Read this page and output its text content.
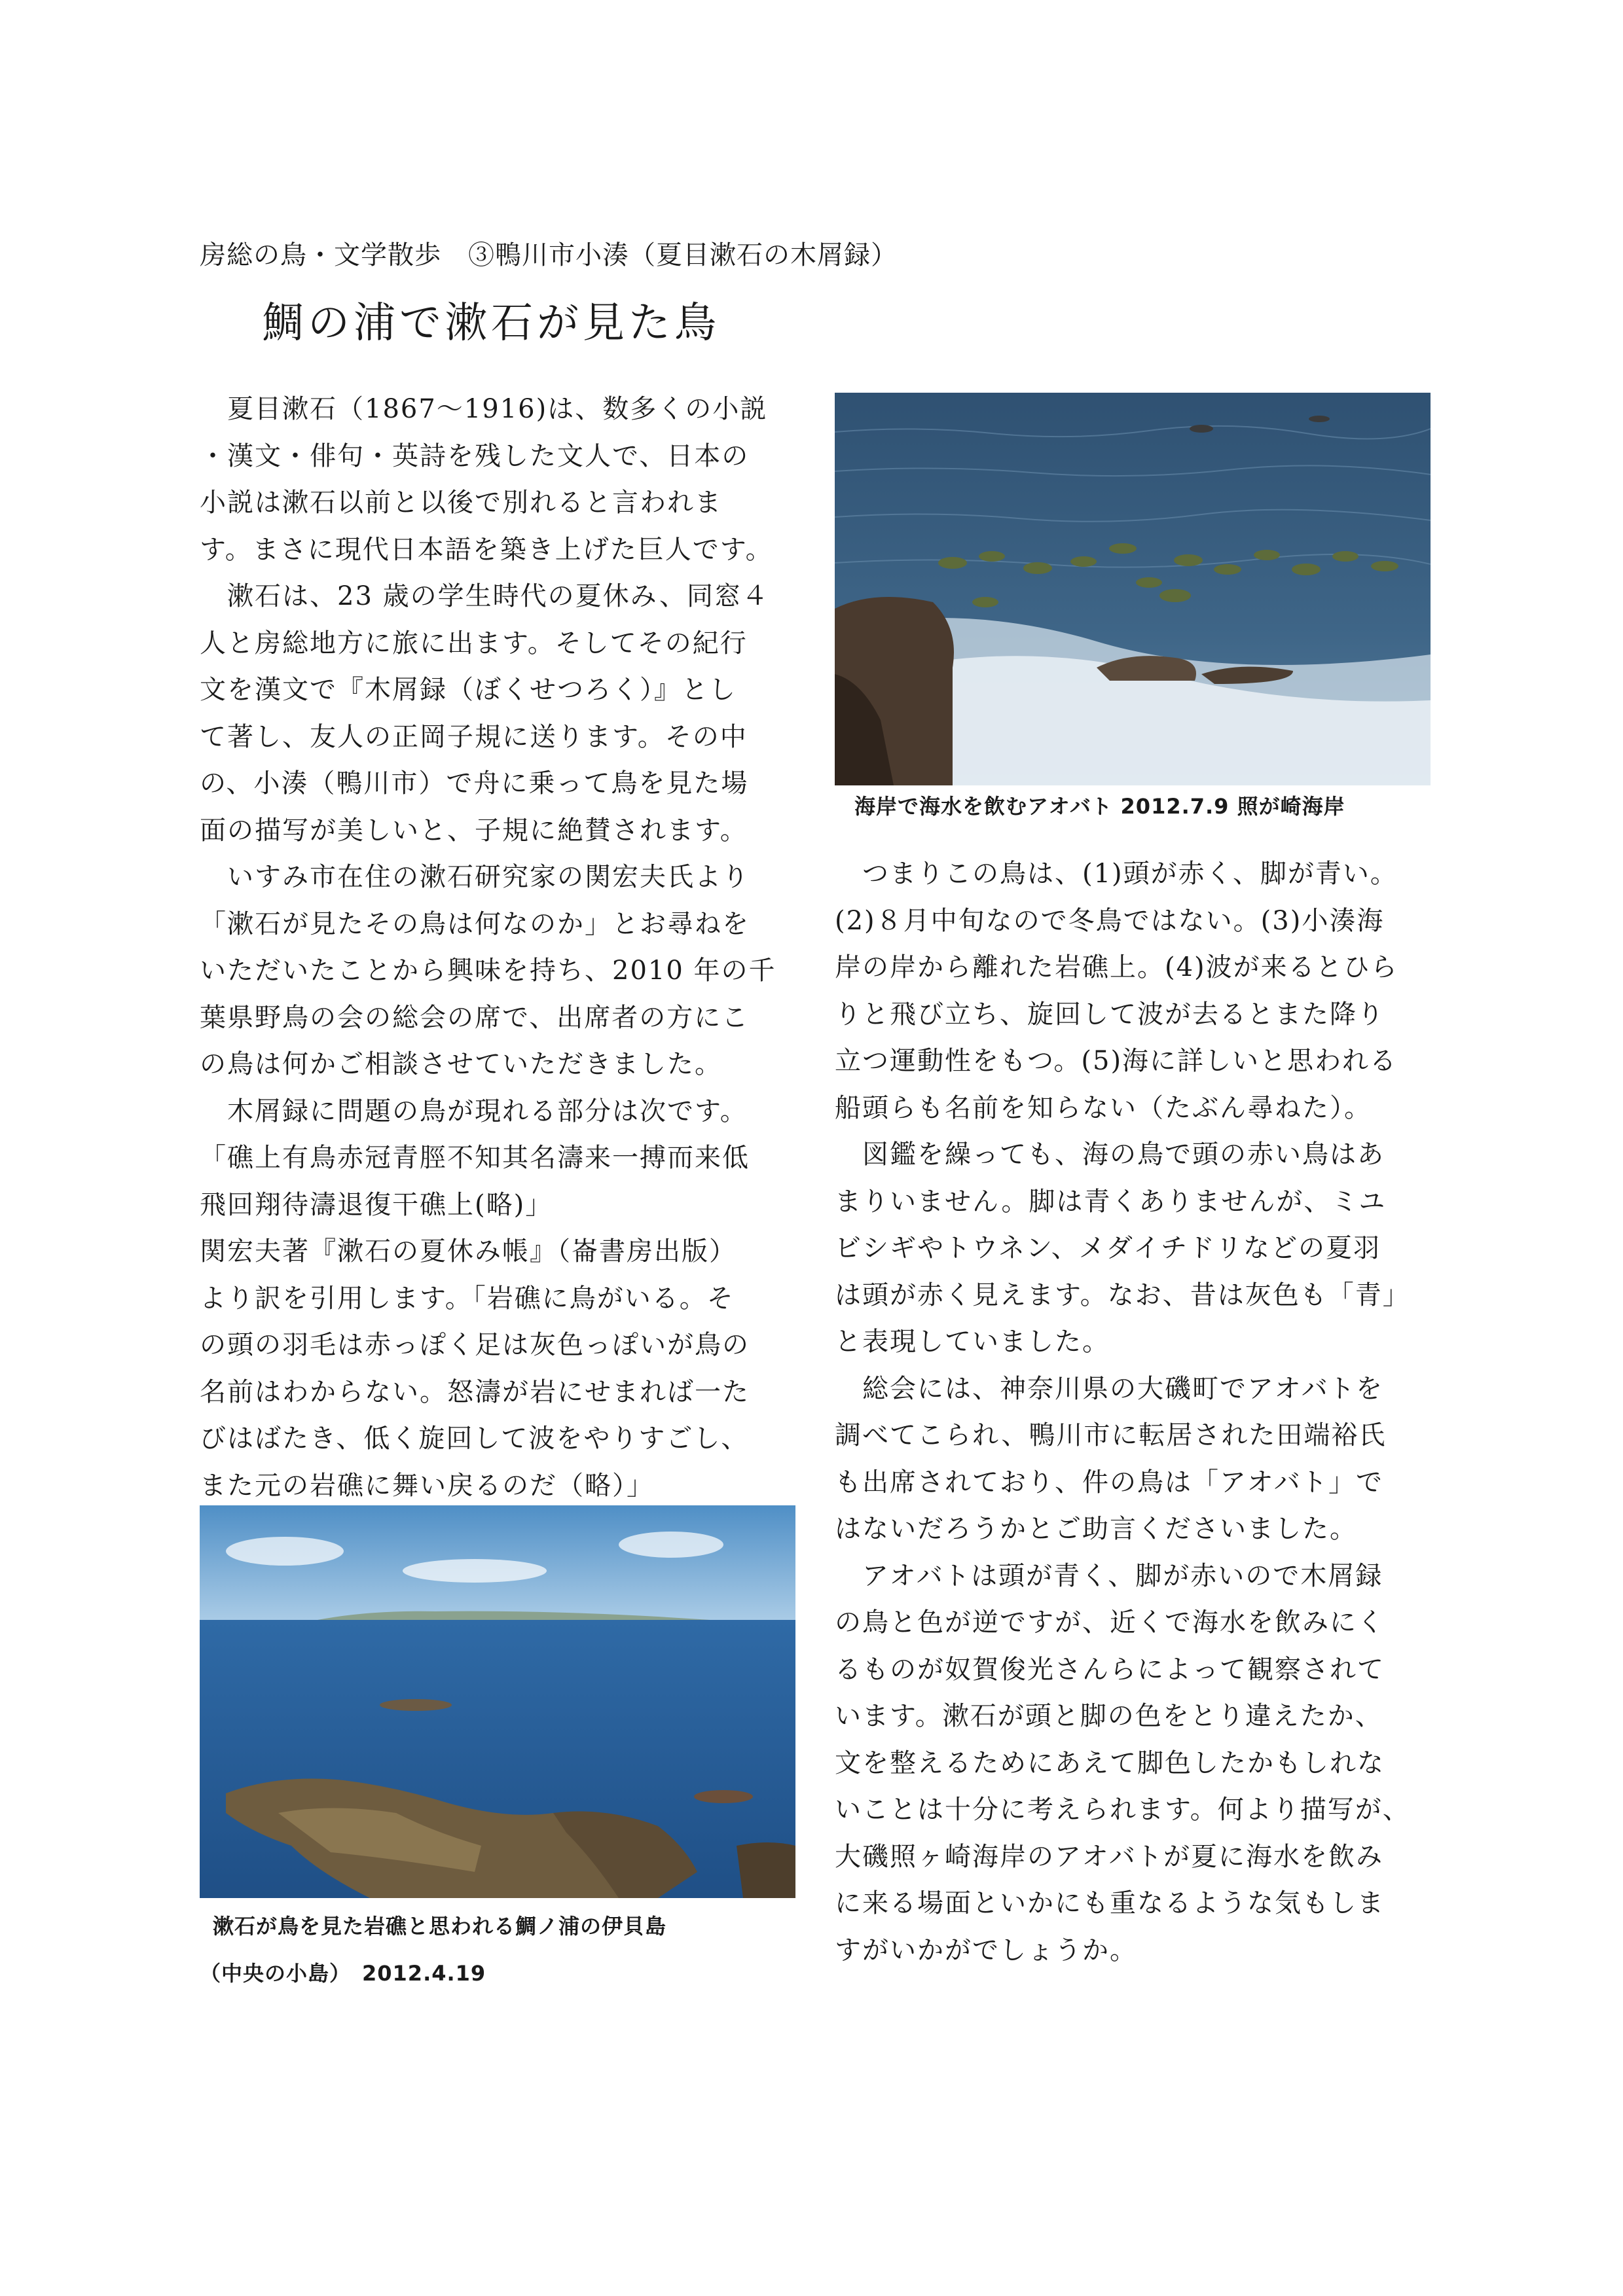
房総の鳥・文学散歩　③鴨川市小湊（夏目漱石の木屑録）
鯛の浦で漱石が見た鳥
　夏目漱石（1867～1916)は、数多くの小説
・漢文・俳句・英詩を残した文人で、日本の
小説は漱石以前と以後で別れると言われま
す。まさに現代日本語を築き上げた巨人です。
　漱石は、23 歳の学生時代の夏休み、同窓４
人と房総地方に旅に出ます。そしてその紀行
文を漢文で『木屑録（ぼくせつろく）』とし
て著し、友人の正岡子規に送ります。その中
の、小湊（鴨川市）で舟に乗って鳥を見た場
面の描写が美しいと、子規に絶賛されます。
　いすみ市在住の漱石研究家の関宏夫氏より
「漱石が見たその鳥は何なのか」とお尋ねを
いただいたことから興味を持ち、2010 年の千
葉県野鳥の会の総会の席で、出席者の方にこ
の鳥は何かご相談させていただきました。
　木屑録に問題の鳥が現れる部分は次です。
「礁上有鳥赤冠青脛不知其名濤来一搏而来低
飛回翔待濤退復干礁上(略)」
関宏夫著『漱石の夏休み帳』（崙書房出版）
より訳を引用します。「岩礁に鳥がいる。そ
の頭の羽毛は赤っぽく足は灰色っぽいが鳥の
名前はわからない。怒濤が岩にせまれば一た
びはばたき、低く旋回して波をやりすごし、
また元の岩礁に舞い戻るのだ（略）」
海岸で海水を飲むアオバト 2012.7.9 照が崎海岸
　つまりこの鳥は、(1)頭が赤く、脚が青い。
(2)８月中旬なので冬鳥ではない。(3)小湊海
岸の岸から離れた岩礁上。(4)波が来るとひら
りと飛び立ち、旋回して波が去るとまた降り
立つ運動性をもつ。(5)海に詳しいと思われる
船頭らも名前を知らない（たぶん尋ねた）。
　図鑑を繰っても、海の鳥で頭の赤い鳥はあ
まりいません。脚は青くありませんが、ミユ
ビシギやトウネン、メダイチドリなどの夏羽
は頭が赤く見えます。なお、昔は灰色も「青」
と表現していました。
　総会には、神奈川県の大磯町でアオバトを
調べてこられ、鴨川市に転居された田端裕氏
も出席されており、件の鳥は「アオバト」で
はないだろうかとご助言くださいました。
　アオバトは頭が青く、脚が赤いので木屑録
の鳥と色が逆ですが、近くで海水を飲みにく
るものが奴賀俊光さんらによって観察されて
います。漱石が頭と脚の色をとり違えたか、
文を整えるためにあえて脚色したかもしれな
いことは十分に考えられます。何より描写が、
大磯照ヶ崎海岸のアオバトが夏に海水を飲み
に来る場面といかにも重なるような気もしま
すがいかがでしょうか。
漱石が鳥を見た岩礁と思われる鯛ノ浦の伊貝島
（中央の小島）　2012.4.19
